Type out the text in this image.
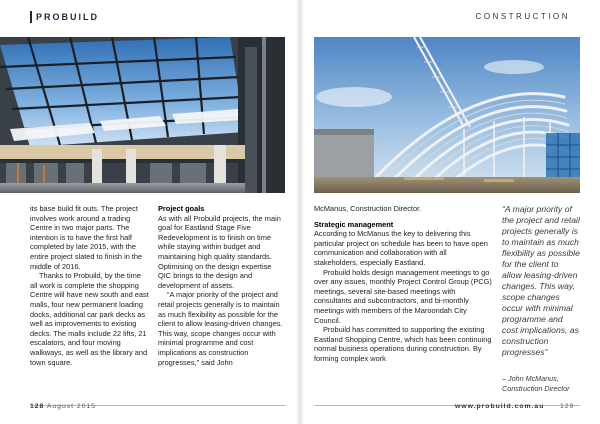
PROBUILD	CONSTRUCTION

its base build fit outs. The project involves work around a trading Centre in two major parts. The intention is to have the first half completed by late 2015, with the entire project slated to finish in the middle of 2016.

Thanks to Probuild, by the time all work is complete the shopping Centre will have new south and east malls, four new permanent loading docks, additional car park decks as well as improvements to existing decks. The malls include 22 lifts, 21 escalators, and four moving walkways, as well as the library and town square.

Project goals

As with all Probuild projects, the main goal for Eastland Stage Five Redevelopment is to finish on time while staying within budget and maintaining high quality standards. Optimising on the design expertise QIC brings to the design and development of assets.

“A major priority of the project and retail projects generally is to maintain as much flexibility as possible for the client to allow leasing-driven changes. This way, scope changes occur with minimal programme and cost implications as construction progresses,” said John

McManus, Construction Director.

Strategic management

According to McManus the key to delivering this particular project on schedule has been to have open communication and collaboration with all stakeholders, especially Eastland.

Probuild holds design management meetings to go over any issues, monthly Project Control Group (PCG) meetings, several site-based meetings with consultants and subcontractors, and bi-monthly meetings with members of the Maroondah City Council.

Probuild has committed to supporting the existing Eastland Shopping Centre, which has been continuing normal business operations during construction. By forming complex work

“A major priority of the project and retail projects generally is to maintain as much flexibility as possible for the client to allow leasing-driven changes. This way, scope changes occur with minimal programme and cost implications, as construction progresses”
– John McManus,
Construction Director
128 August 2015	www.probuild.com.au 129
